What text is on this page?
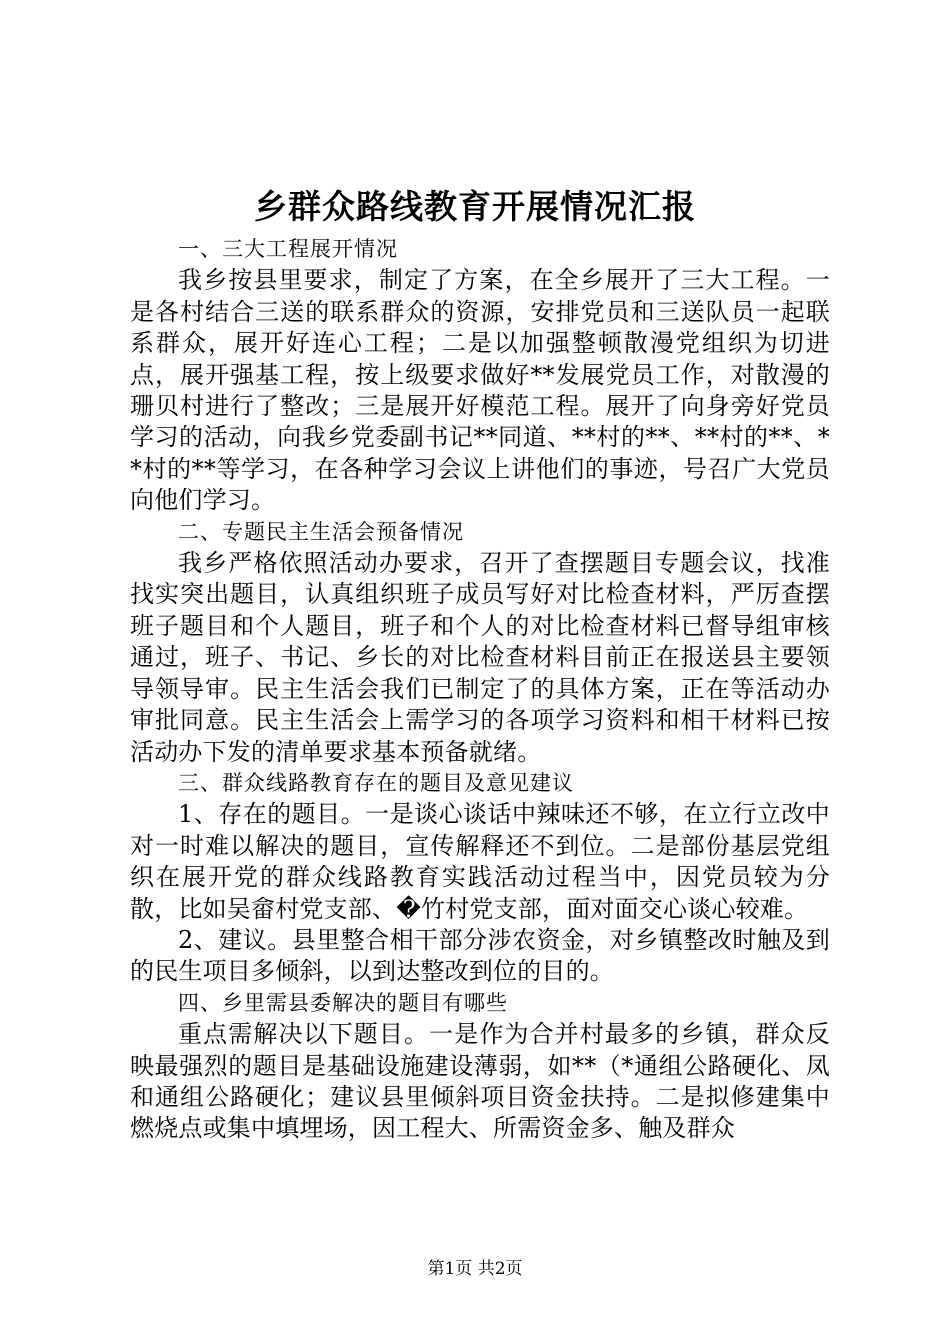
乡群众路线教育开展情况汇报

一、三大工程展开情况

我乡按县里要求，制定了方案，在全乡展开了三大工程。一是各村结合三送的联系群众的资源，安排党员和三送队员一起联系群众，展开好连心工程；二是以加强整顿散漫党组织为切进点，展开强基工程，按上级要求做好**发展党员工作，对散漫的珊贝村进行了整改；三是展开好模范工程。展开了向身旁好党员学习的活动，向我乡党委副书记**同道、**村的**、**村的**、**村的**等学习，在各种学习会议上讲他们的事迹，号召广大党员向他们学习。

二、专题民主生活会预备情况

我乡严格依照活动办要求，召开了查摆题目专题会议，找准找实突出题目，认真组织班子成员写好对比检查材料，严厉查摆班子题目和个人题目，班子和个人的对比检查材料已督导组审核通过，班子、书记、乡长的对比检查材料目前正在报送县主要领导领导审。民主生活会我们已制定了的具体方案，正在等活动办审批同意。民主生活会上需学习的各项学习资料和相干材料已按活动办下发的清单要求基本预备就绪。

三、群众线路教育存在的题目及意见建议

1、存在的题目。一是谈心谈话中辣味还不够，在立行立改中对一时难以解决的题目，宣传解释还不到位。二是部份基层党组织在展开党的群众线路教育实践活动过程当中，因党员较为分散，比如吴畲村党支部、�竹村党支部，面对面交心谈心较难。

2、建议。县里整合相干部分涉农资金，对乡镇整改时触及到的民生项目多倾斜，以到达整改到位的目的。

四、乡里需县委解决的题目有哪些

重点需解决以下题目。一是作为合并村最多的乡镇，群众反映最强烈的题目是基础设施建设薄弱，如**（*通组公路硬化、凤和通组公路硬化；建议县里倾斜项目资金扶持。二是拟修建集中燃烧点或集中填埋场，因工程大、所需资金多、触及群众

第1页 共2页
